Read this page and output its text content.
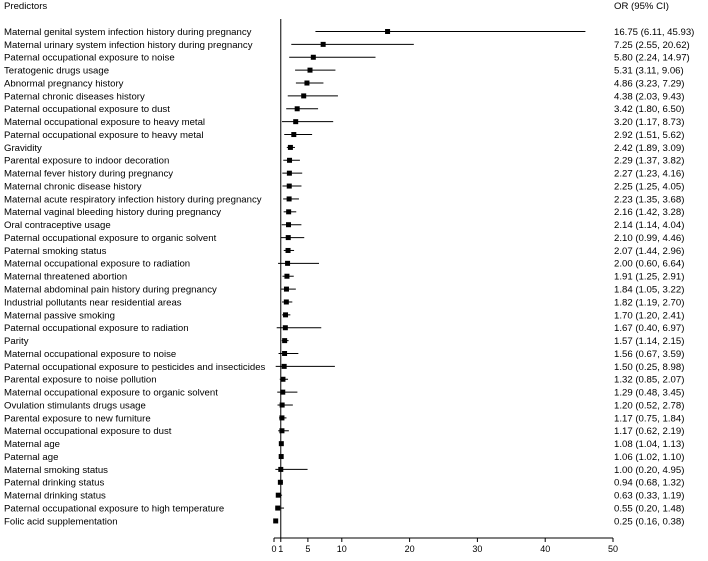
Predictors	OR (95% CI)
Maternal genital system infection history during pregnancy	16.75 (6.11, 45.93)
Maternal urinary system infection history during pregnancy	7.25 (2.55, 20.62)
Paternal occupational exposure to noise	5.80 (2.24, 14.97)
Teratogenic drugs usage	5.31 (3.11, 9.06)
Abnormal pregnancy history	4.86 (3.23, 7.29)
Paternal chronic diseases history	4.38 (2.03, 9.43)
Paternal occupational exposure to dust	3.42 (1.80, 6.50)
Maternal occupational exposure to heavy metal	3.20 (1.17, 8.73)
Paternal occupational exposure to heavy metal	2.92 (1.51, 5.62)
Gravidity	2.42 (1.89, 3.09)
Parental exposure to indoor decoration	2.29 (1.37, 3.82)
Maternal fever history during pregnancy	2.27 (1.23, 4.16)
Maternal chronic disease history	2.25 (1.25, 4.05)
Maternal acute respiratory infection history during pregnancy	2.23 (1.35, 3.68)
Maternal vaginal bleeding history during pregnancy	2.16 (1.42, 3.28)
Oral contraceptive usage	2.14 (1.14, 4.04)
Paternal occupational exposure to organic solvent	2.10 (0.99, 4.46)
Paternal smoking status	2.07 (1.44, 2.96)
Maternal occupational exposure to radiation	2.00 (0.60, 6.64)
Maternal threatened abortion	1.91 (1.25, 2.91)
Maternal abdominal pain history during pregnancy	1.84 (1.05, 3.22)
Industrial pollutants near residential areas	1.82 (1.19, 2.70)
Maternal passive smoking	1.70 (1.20, 2.41)
Paternal occupational exposure to radiation	1.67 (0.40, 6.97)
Parity	1.57 (1.14, 2.15)
Maternal occupational exposure to noise	1.56 (0.67, 3.59)
Paternal occupational exposure to pesticides and insecticides	1.50 (0.25, 8.98)
Parental exposure to noise pollution	1.32 (0.85, 2.07)
Maternal occupational exposure to organic solvent	1.29 (0.48, 3.45)
Ovulation stimulants drugs usage	1.20 (0.52, 2.78)
Parental exposure to new furniture	1.17 (0.75, 1.84)
Maternal occupational exposure to dust	1.17 (0.62, 2.19)
Maternal age	1.08 (1.04, 1.13)
Paternal age	1.06 (1.02, 1.10)
Maternal smoking status	1.00 (0.20, 4.95)
Paternal drinking status	0.94 (0.68, 1.32)
Maternal drinking status	0.63 (0.33, 1.19)
Paternal occupational exposure to high temperature	0.55 (0.20, 1.48)
Folic acid supplementation	0.25 (0.16, 0.38)
0 1 5	10	20	30	40	50
